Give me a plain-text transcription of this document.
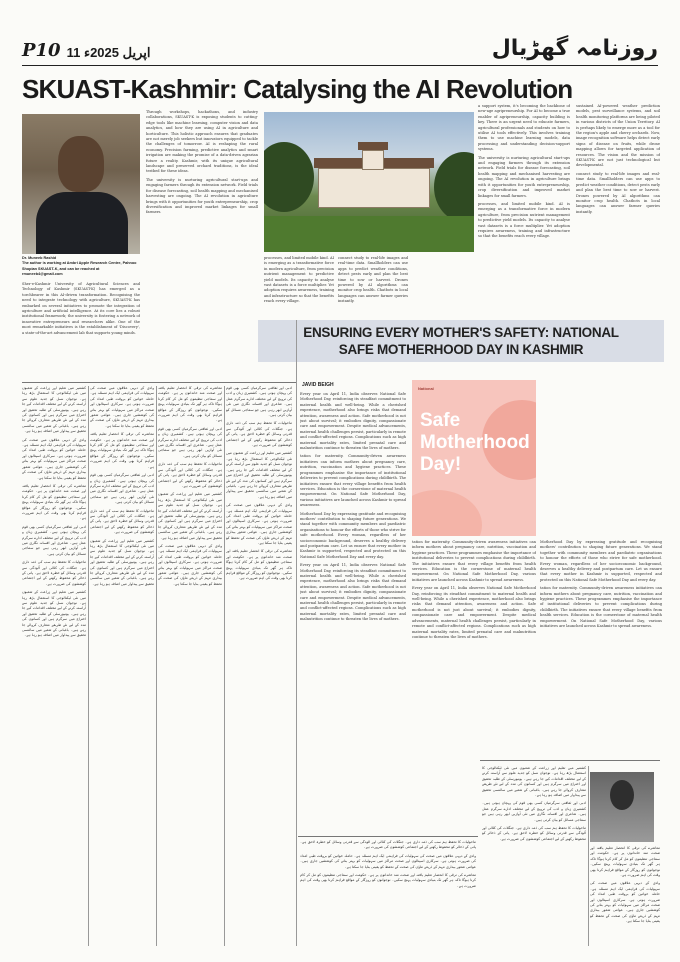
P10 11 اپریل 2025ء	روزنامہ گھڑیال
SKUAST-Kashmir: Catalysing the AI Revolution
Dr. Muneeb Rashid
The author is working at Ambri Apple Research Centre, Pahnoo Shopian SKUAST-K, and can be reached at rmuneeb4@gmail.com

Sher-e-Kashmir University of Agricultural Sciences and Technology of Kashmir (SKUAST-K) has emerged as a torchbearer in this AI-driven transformation. Recognising the need to integrate technology with agriculture, SKUAST-K has embarked on several initiatives to promote the integration of agriculture and artificial intelligence. At its core lies a robust institutional framework; the university is fostering a network of innovative entrepreneurs and researchers alike. One of the most remarkable initiatives is the establishment of 'Discovery', a state-of-the-art advancement lab that supports young minds.

Through workshops, hackathons, and industry collaborations, SKUAST-K is exposing students to cutting-edge tools like machine learning, computer vision and data analytics, and how they are using AI in agriculture and horticulture. This holistic approach ensures that graduates are not merely job seekers but innovators equipped to tackle the challenges of tomorrow. AI is reshaping the rural economy. Precision farming, predictive analytics and smart irrigation are making the promise of a data-driven agrarian future a reality. Kashmir, with its unique agricultural landscape and preserved orchard traditions, is the ideal testbed for these ideas.

The university is nurturing agricultural start-ups and engaging farmers through its extension network. Field trials for disease forecasting, soil health mapping and mechanised harvesting are ongoing. The AI revolution in agriculture brings with it opportunities for youth entrepreneurship, crop diversification and improved market linkages for small farmers.

processes, and limited mobile kind. AI is emerging as a transformative force in modern agriculture, from precision nutrient management to predictive yield models. Its capacity to analyse vast datasets is a force multiplier. Yet adoption requires awareness, training and infrastructure so that the benefits reach every village.

connect study to real-life images and real-time data. Smallholders can use apps to predict weather conditions, detect pests early and plan the best time to sow or harvest. Drones powered by AI algorithms can monitor crop health. Chatbots in local languages can answer farmer queries instantly.

a support system, it's becoming the backbone of new-age agripreneurship. For AI to become a true enabler of agripreneurship, capacity building is key. There is an urgent need to educate farmers, agricultural professionals and students on how to utilise AI tools effectively. This involves training them to use machine learning models, data processing and understanding decision-support systems.

The university is nurturing agricultural start-ups and engaging farmers through its extension network. Field trials for disease forecasting, soil health mapping and mechanised harvesting are ongoing. The AI revolution in agriculture brings with it opportunities for youth entrepreneurship, crop diversification and improved market linkages for small farmers.

processes, and limited mobile kind. AI is emerging as a transformative force in modern agriculture, from precision nutrient management to predictive yield models. Its capacity to analyse vast datasets is a force multiplier. Yet adoption requires awareness, training and infrastructure so that the benefits reach every village.

sustained AI-powered weather prediction models, pest surveillance systems, and soil health monitoring platforms are being piloted in various districts of the Union Territory. AI is perhaps likely to emerge more as a tool for the region's apple and cherry orchards. Now, image recognition software helps detect early signs of disease on fruits, while drone mapping allows for targeted application of resources. The vision and the mission of SKUAST-K are not just technological but developmental.

connect study to real-life images and real-time data. Smallholders can use apps to predict weather conditions, detect pests early and plan the best time to sow or harvest. Drones powered by AI algorithms can monitor crop health. Chatbots in local languages can answer farmer queries instantly.

ENSURING EVERY MOTHER'S SAFETY: NATIONAL
SAFE MOTHERHOOD DAY IN KASHMIR
JAVID BEIGH

Every year on April 11, India observes National Safe Motherhood Day, reinforcing its steadfast commitment to maternal health and well-being. While a cherished experience, motherhood also brings risks that demand attention, awareness and action. Safe motherhood is not just about survival; it embodies dignity, compassionate care and empowerment. Despite medical advancements, maternal health challenges persist, particularly in remote and conflict-affected regions. Complications such as high maternal mortality rates, limited prenatal care and malnutrition continue to threaten the lives of mothers.

tation for maternity. Community-driven awareness initiatives can inform mothers about pregnancy care, nutrition, vaccination and hygiene practices. These programmes emphasise the importance of institutional deliveries to prevent complications during childbirth. The initiatives ensure that every village benefits from health services. Education is the cornerstone of maternal health empowerment. On National Safe Motherhood Day, various initiatives are launched across Kashmir to spread awareness.

Motherhood Day by expressing gratitude and recognising mothers' contribution to shaping future generations. We stand together with community members and paediatric organisations to honour the efforts of those who strive for safe motherhood. Every woman, regardless of her socioeconomic background, deserves a healthy delivery and postpartum care. Let us ensure that every mother in Kashmir is supported, respected and protected on this National Safe Motherhood Day and every day.

Every year on April 11, India observes National Safe Motherhood Day, reinforcing its steadfast commitment to maternal health and well-being. While a cherished experience, motherhood also brings risks that demand attention, awareness and action. Safe motherhood is not just about survival; it embodies dignity, compassionate care and empowerment. Despite medical advancements, maternal health challenges persist, particularly in remote and conflict-affected regions. Complications such as high maternal mortality rates, limited prenatal care and malnutrition continue to threaten the lives of mothers.

National
Safe
Motherhood
Day!

tation for maternity. Community-driven awareness initiatives can inform mothers about pregnancy care, nutrition, vaccination and hygiene practices. These programmes emphasise the importance of institutional deliveries to prevent complications during childbirth. The initiatives ensure that every village benefits from health services. Education is the cornerstone of maternal health empowerment. On National Safe Motherhood Day, various initiatives are launched across Kashmir to spread awareness.

Every year on April 11, India observes National Safe Motherhood Day, reinforcing its steadfast commitment to maternal health and well-being. While a cherished experience, motherhood also brings risks that demand attention, awareness and action. Safe motherhood is not just about survival; it embodies dignity, compassionate care and empowerment. Despite medical advancements, maternal health challenges persist, particularly in remote and conflict-affected regions. Complications such as high maternal mortality rates, limited prenatal care and malnutrition continue to threaten the lives of mothers.

Motherhood Day by expressing gratitude and recognising mothers' contribution to shaping future generations. We stand together with community members and paediatric organisations to honour the efforts of those who strive for safe motherhood. Every woman, regardless of her socioeconomic background, deserves a healthy delivery and postpartum care. Let us ensure that every mother in Kashmir is supported, respected and protected on this National Safe Motherhood Day and every day.

tation for maternity. Community-driven awareness initiatives can inform mothers about pregnancy care, nutrition, vaccination and hygiene practices. These programmes emphasise the importance of institutional deliveries to prevent complications during childbirth. The initiatives ensure that every village benefits from health services. Education is the cornerstone of maternal health empowerment. On National Safe Motherhood Day, various initiatives are launched across Kashmir to spread awareness.

کشمیر میں تعلیم اور زراعت کے شعبوں میں نئی ٹیکنالوجی کا استعمال بڑھ رہا ہے۔ نوجوان نسل کو جدید علوم سے آراستہ کرنے کے لیے مختلف اقدامات کیے جا رہے ہیں۔ یونیورسٹی کے طلبہ تحقیق اور اختراع میں سرگرم ہیں اور کسانوں کی مدد کے لیے نئے طریقے متعارف کروائے جا رہے ہیں۔ باغبانی کے شعبے میں سائنسی تحقیق سے پیداوار میں اضافہ ہو رہا ہے۔

وادی کے دیہی علاقوں میں صحت کی سہولیات کی فراہمی ایک اہم مسئلہ ہے۔ حاملہ خواتین کو بروقت طبی امداد کی ضرورت ہوتی ہے۔ سرکاری اسپتالوں اور صحت مراکز میں سہولیات کو بہتر بنانے کی کوششیں جاری ہیں۔ عوامی شعور بیداری مہم کے ذریعے ماؤں کی صحت کے تحفظ کو یقینی بنایا جا سکتا ہے۔

معاشرے کی ترقی کا انحصار تعلیم یافتہ اور صحت مند خاندانوں پر ہے۔ حکومت اور سماجی تنظیموں کو مل کر کام کرنا ہوگا تاکہ ہر گھر تک بنیادی سہولیات پہنچ سکیں۔ نوجوانوں کو روزگار کے مواقع فراہم کرنا بھی وقت کی اہم ضرورت ہے۔

ادبی اور ثقافتی سرگرمیاں کسی بھی قوم کی پہچان ہوتی ہیں۔ کشمیری زبان و ادب کی ترویج کے لیے مختلف ادارے سرگرم عمل ہیں۔ شاعری اور افسانہ نگاری میں نئی آوازیں ابھر رہی ہیں جو سماجی مسائل کو بیان کرتی ہیں۔

ماحولیات کا تحفظ ہم سب کی ذمہ داری ہے۔ جنگلات کی کٹائی اور آلودگی سے قدرتی وسائل کو خطرہ لاحق ہے۔ پانی کے ذخائر کو محفوظ رکھنے کے لیے اجتماعی کوششوں کی ضرورت ہے۔

کشمیر میں تعلیم اور زراعت کے شعبوں میں نئی ٹیکنالوجی کا استعمال بڑھ رہا ہے۔ نوجوان نسل کو جدید علوم سے آراستہ کرنے کے لیے مختلف اقدامات کیے جا رہے ہیں۔ یونیورسٹی کے طلبہ تحقیق اور اختراع میں سرگرم ہیں اور کسانوں کی مدد کے لیے نئے طریقے متعارف کروائے جا رہے ہیں۔ باغبانی کے شعبے میں سائنسی تحقیق سے پیداوار میں اضافہ ہو رہا ہے۔

وادی کے دیہی علاقوں میں صحت کی سہولیات کی فراہمی ایک اہم مسئلہ ہے۔ حاملہ خواتین کو بروقت طبی امداد کی ضرورت ہوتی ہے۔ سرکاری اسپتالوں اور صحت مراکز میں سہولیات کو بہتر بنانے کی کوششیں جاری ہیں۔ عوامی شعور بیداری مہم کے ذریعے ماؤں کی صحت کے تحفظ کو یقینی بنایا جا سکتا ہے۔

معاشرے کی ترقی کا انحصار تعلیم یافتہ اور صحت مند خاندانوں پر ہے۔ حکومت اور سماجی تنظیموں کو مل کر کام کرنا ہوگا تاکہ ہر گھر تک بنیادی سہولیات پہنچ سکیں۔ نوجوانوں کو روزگار کے مواقع فراہم کرنا بھی وقت کی اہم ضرورت ہے۔

ادبی اور ثقافتی سرگرمیاں کسی بھی قوم کی پہچان ہوتی ہیں۔ کشمیری زبان و ادب کی ترویج کے لیے مختلف ادارے سرگرم عمل ہیں۔ شاعری اور افسانہ نگاری میں نئی آوازیں ابھر رہی ہیں جو سماجی مسائل کو بیان کرتی ہیں۔

ماحولیات کا تحفظ ہم سب کی ذمہ داری ہے۔ جنگلات کی کٹائی اور آلودگی سے قدرتی وسائل کو خطرہ لاحق ہے۔ پانی کے ذخائر کو محفوظ رکھنے کے لیے اجتماعی کوششوں کی ضرورت ہے۔

کشمیر میں تعلیم اور زراعت کے شعبوں میں نئی ٹیکنالوجی کا استعمال بڑھ رہا ہے۔ نوجوان نسل کو جدید علوم سے آراستہ کرنے کے لیے مختلف اقدامات کیے جا رہے ہیں۔ یونیورسٹی کے طلبہ تحقیق اور اختراع میں سرگرم ہیں اور کسانوں کی مدد کے لیے نئے طریقے متعارف کروائے جا رہے ہیں۔ باغبانی کے شعبے میں سائنسی تحقیق سے پیداوار میں اضافہ ہو رہا ہے۔

معاشرے کی ترقی کا انحصار تعلیم یافتہ اور صحت مند خاندانوں پر ہے۔ حکومت اور سماجی تنظیموں کو مل کر کام کرنا ہوگا تاکہ ہر گھر تک بنیادی سہولیات پہنچ سکیں۔ نوجوانوں کو روزگار کے مواقع فراہم کرنا بھی وقت کی اہم ضرورت ہے۔

ادبی اور ثقافتی سرگرمیاں کسی بھی قوم کی پہچان ہوتی ہیں۔ کشمیری زبان و ادب کی ترویج کے لیے مختلف ادارے سرگرم عمل ہیں۔ شاعری اور افسانہ نگاری میں نئی آوازیں ابھر رہی ہیں جو سماجی مسائل کو بیان کرتی ہیں۔

ماحولیات کا تحفظ ہم سب کی ذمہ داری ہے۔ جنگلات کی کٹائی اور آلودگی سے قدرتی وسائل کو خطرہ لاحق ہے۔ پانی کے ذخائر کو محفوظ رکھنے کے لیے اجتماعی کوششوں کی ضرورت ہے۔

کشمیر میں تعلیم اور زراعت کے شعبوں میں نئی ٹیکنالوجی کا استعمال بڑھ رہا ہے۔ نوجوان نسل کو جدید علوم سے آراستہ کرنے کے لیے مختلف اقدامات کیے جا رہے ہیں۔ یونیورسٹی کے طلبہ تحقیق اور اختراع میں سرگرم ہیں اور کسانوں کی مدد کے لیے نئے طریقے متعارف کروائے جا رہے ہیں۔ باغبانی کے شعبے میں سائنسی تحقیق سے پیداوار میں اضافہ ہو رہا ہے۔

وادی کے دیہی علاقوں میں صحت کی سہولیات کی فراہمی ایک اہم مسئلہ ہے۔ حاملہ خواتین کو بروقت طبی امداد کی ضرورت ہوتی ہے۔ سرکاری اسپتالوں اور صحت مراکز میں سہولیات کو بہتر بنانے کی کوششیں جاری ہیں۔ عوامی شعور بیداری مہم کے ذریعے ماؤں کی صحت کے تحفظ کو یقینی بنایا جا سکتا ہے۔

ادبی اور ثقافتی سرگرمیاں کسی بھی قوم کی پہچان ہوتی ہیں۔ کشمیری زبان و ادب کی ترویج کے لیے مختلف ادارے سرگرم عمل ہیں۔ شاعری اور افسانہ نگاری میں نئی آوازیں ابھر رہی ہیں جو سماجی مسائل کو بیان کرتی ہیں۔

ماحولیات کا تحفظ ہم سب کی ذمہ داری ہے۔ جنگلات کی کٹائی اور آلودگی سے قدرتی وسائل کو خطرہ لاحق ہے۔ پانی کے ذخائر کو محفوظ رکھنے کے لیے اجتماعی کوششوں کی ضرورت ہے۔

کشمیر میں تعلیم اور زراعت کے شعبوں میں نئی ٹیکنالوجی کا استعمال بڑھ رہا ہے۔ نوجوان نسل کو جدید علوم سے آراستہ کرنے کے لیے مختلف اقدامات کیے جا رہے ہیں۔ یونیورسٹی کے طلبہ تحقیق اور اختراع میں سرگرم ہیں اور کسانوں کی مدد کے لیے نئے طریقے متعارف کروائے جا رہے ہیں۔ باغبانی کے شعبے میں سائنسی تحقیق سے پیداوار میں اضافہ ہو رہا ہے۔

وادی کے دیہی علاقوں میں صحت کی سہولیات کی فراہمی ایک اہم مسئلہ ہے۔ حاملہ خواتین کو بروقت طبی امداد کی ضرورت ہوتی ہے۔ سرکاری اسپتالوں اور صحت مراکز میں سہولیات کو بہتر بنانے کی کوششیں جاری ہیں۔ عوامی شعور بیداری مہم کے ذریعے ماؤں کی صحت کے تحفظ کو یقینی بنایا جا سکتا ہے۔

معاشرے کی ترقی کا انحصار تعلیم یافتہ اور صحت مند خاندانوں پر ہے۔ حکومت اور سماجی تنظیموں کو مل کر کام کرنا ہوگا تاکہ ہر گھر تک بنیادی سہولیات پہنچ سکیں۔ نوجوانوں کو روزگار کے مواقع فراہم کرنا بھی وقت کی اہم ضرورت ہے۔

ماحولیات کا تحفظ ہم سب کی ذمہ داری ہے۔ جنگلات کی کٹائی اور آلودگی سے قدرتی وسائل کو خطرہ لاحق ہے۔ پانی کے ذخائر کو محفوظ رکھنے کے لیے اجتماعی کوششوں کی ضرورت ہے۔

وادی کے دیہی علاقوں میں صحت کی سہولیات کی فراہمی ایک اہم مسئلہ ہے۔ حاملہ خواتین کو بروقت طبی امداد کی ضرورت ہوتی ہے۔ سرکاری اسپتالوں اور صحت مراکز میں سہولیات کو بہتر بنانے کی کوششیں جاری ہیں۔ عوامی شعور بیداری مہم کے ذریعے ماؤں کی صحت کے تحفظ کو یقینی بنایا جا سکتا ہے۔

معاشرے کی ترقی کا انحصار تعلیم یافتہ اور صحت مند خاندانوں پر ہے۔ حکومت اور سماجی تنظیموں کو مل کر کام کرنا ہوگا تاکہ ہر گھر تک بنیادی سہولیات پہنچ سکیں۔ نوجوانوں کو روزگار کے مواقع فراہم کرنا بھی وقت کی اہم ضرورت ہے۔

کشمیر میں تعلیم اور زراعت کے شعبوں میں نئی ٹیکنالوجی کا استعمال بڑھ رہا ہے۔ نوجوان نسل کو جدید علوم سے آراستہ کرنے کے لیے مختلف اقدامات کیے جا رہے ہیں۔ یونیورسٹی کے طلبہ تحقیق اور اختراع میں سرگرم ہیں اور کسانوں کی مدد کے لیے نئے طریقے متعارف کروائے جا رہے ہیں۔ باغبانی کے شعبے میں سائنسی تحقیق سے پیداوار میں اضافہ ہو رہا ہے۔

ادبی اور ثقافتی سرگرمیاں کسی بھی قوم کی پہچان ہوتی ہیں۔ کشمیری زبان و ادب کی ترویج کے لیے مختلف ادارے سرگرم عمل ہیں۔ شاعری اور افسانہ نگاری میں نئی آوازیں ابھر رہی ہیں جو سماجی مسائل کو بیان کرتی ہیں۔

ماحولیات کا تحفظ ہم سب کی ذمہ داری ہے۔ جنگلات کی کٹائی اور آلودگی سے قدرتی وسائل کو خطرہ لاحق ہے۔ پانی کے ذخائر کو محفوظ رکھنے کے لیے اجتماعی کوششوں کی ضرورت ہے۔

معاشرے کی ترقی کا انحصار تعلیم یافتہ اور صحت مند خاندانوں پر ہے۔ حکومت اور سماجی تنظیموں کو مل کر کام کرنا ہوگا تاکہ ہر گھر تک بنیادی سہولیات پہنچ سکیں۔ نوجوانوں کو روزگار کے مواقع فراہم کرنا بھی وقت کی اہم ضرورت ہے۔

وادی کے دیہی علاقوں میں صحت کی سہولیات کی فراہمی ایک اہم مسئلہ ہے۔ حاملہ خواتین کو بروقت طبی امداد کی ضرورت ہوتی ہے۔ سرکاری اسپتالوں اور صحت مراکز میں سہولیات کو بہتر بنانے کی کوششیں جاری ہیں۔ عوامی شعور بیداری مہم کے ذریعے ماؤں کی صحت کے تحفظ کو یقینی بنایا جا سکتا ہے۔
